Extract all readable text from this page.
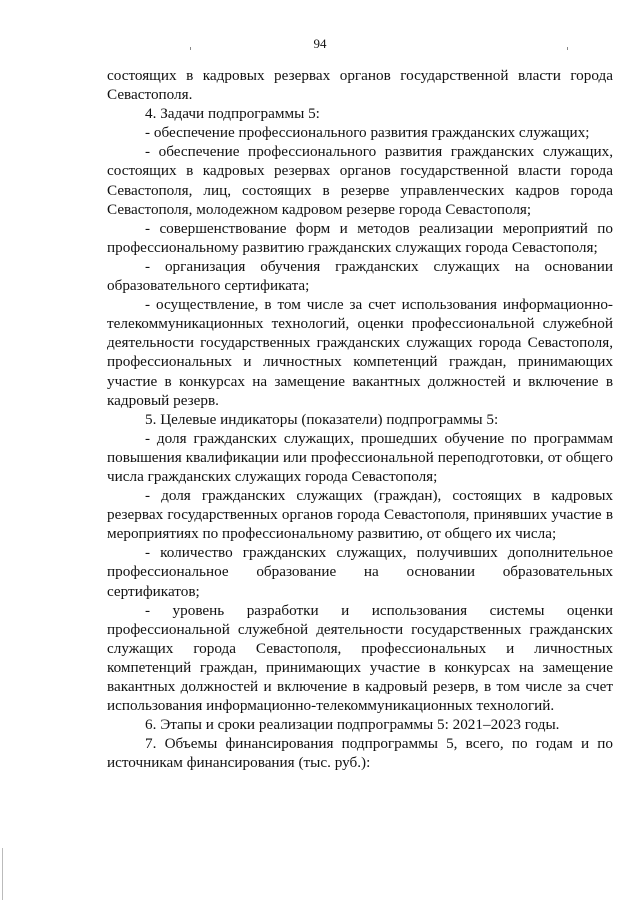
94

состоящих в кадровых резервах органов государственной власти города Севастополя.

4. Задачи подпрограммы 5:

- обеспечение профессионального развития гражданских служащих;

- обеспечение профессионального развития гражданских служащих, состоящих в кадровых резервах органов государственной власти города Севастополя, лиц, состоящих в резерве управленческих кадров города Севастополя, молодежном кадровом резерве города Севастополя;

- совершенствование форм и методов реализации мероприятий по профессиональному развитию гражданских служащих города Севастополя;

- организация обучения гражданских служащих на основании образовательного сертификата;

- осуществление, в том числе за счет использования информационно-телекоммуникационных технологий, оценки профессиональной служебной деятельности государственных гражданских служащих города Севастополя, профессиональных и личностных компетенций граждан, принимающих участие в конкурсах на замещение вакантных должностей и включение в кадровый резерв.

5. Целевые индикаторы (показатели) подпрограммы 5:

- доля гражданских служащих, прошедших обучение по программам повышения квалификации или профессиональной переподготовки, от общего числа гражданских служащих города Севастополя;

- доля гражданских служащих (граждан), состоящих в кадровых резервах государственных органов города Севастополя, принявших участие в мероприятиях по профессиональному развитию, от общего их числа;

- количество гражданских служащих, получивших дополнительное профессиональное образование на основании образовательных сертификатов;

- уровень разработки и использования системы оценки профессиональной служебной деятельности государственных гражданских служащих города Севастополя, профессиональных и личностных компетенций граждан, принимающих участие в конкурсах на замещение вакантных должностей и включение в кадровый резерв, в том числе за счет использования информационно-телекоммуникационных технологий.

6. Этапы и сроки реализации подпрограммы 5: 2021–2023 годы.

7. Объемы финансирования подпрограммы 5, всего, по годам и по источникам финансирования (тыс. руб.):
